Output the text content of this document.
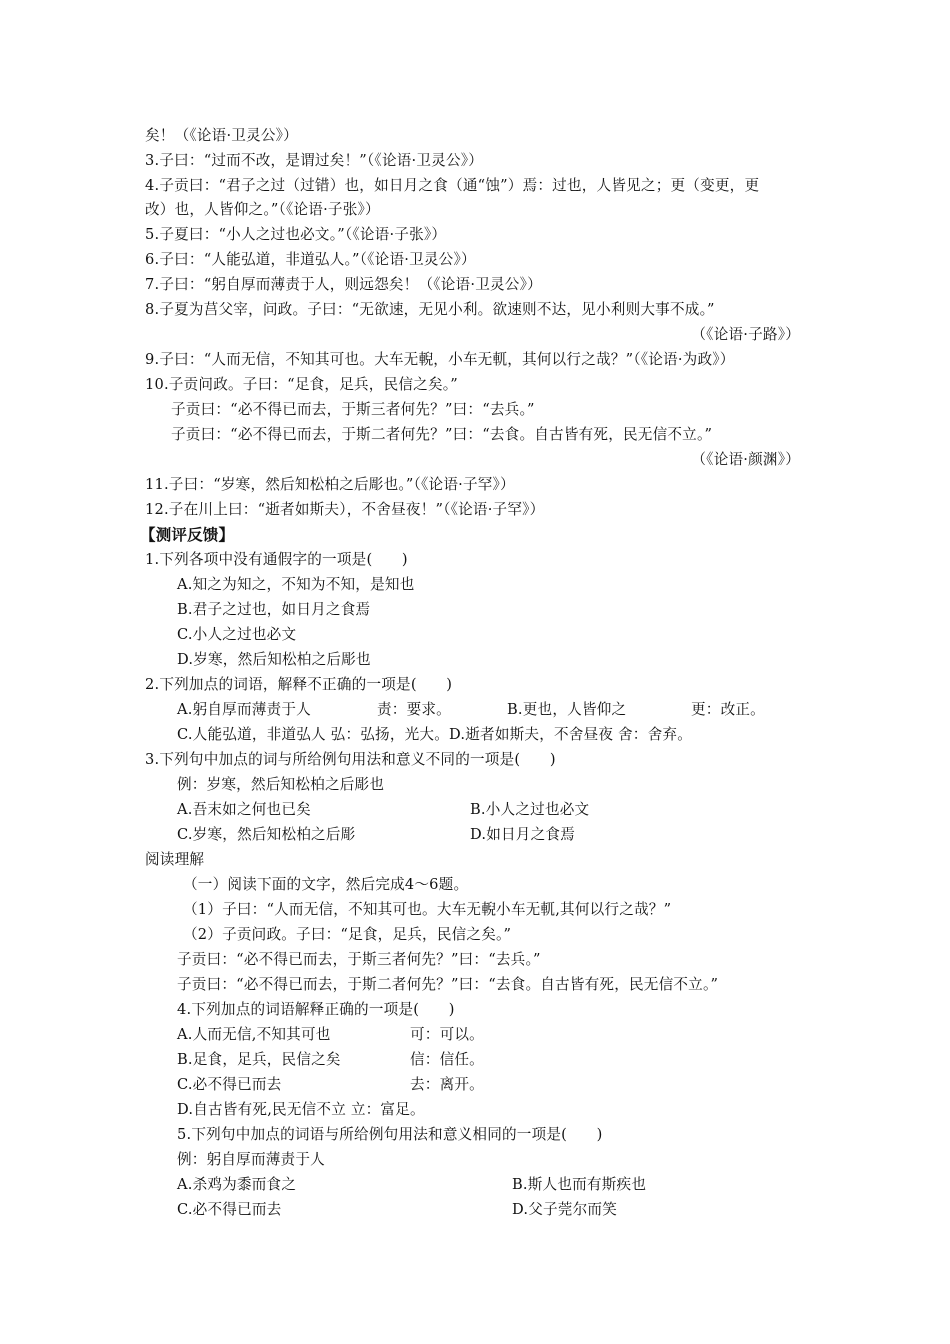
矣！（《论语·卫灵公》）
3.子曰：“过而不改，是谓过矣！”（《论语·卫灵公》）
4.子贡曰：“君子之过（过错）也，如日月之食（通“蚀”）焉：过也，人皆见之；更（变更，更
改）也，人皆仰之。”（《论语·子张》）
5.子夏曰：“小人之过也必文。”（《论语·子张》）
6.子曰：“人能弘道，非道弘人。”（《论语·卫灵公》）
7.子曰：“躬自厚而薄责于人，则远怨矣！（《论语·卫灵公》）
8.子夏为莒父宰，问政。子曰：“无欲速，无见小利。欲速则不达，见小利则大事不成。”
（《论语·子路》）
9.子曰：“人而无信，不知其可也。大车无輗，小车无軏，其何以行之哉？”（《论语·为政》）
10.子贡问政。子曰：“足食，足兵，民信之矣。”
子贡曰：“必不得已而去，于斯三者何先？”曰：“去兵。”
子贡曰：“必不得已而去，于斯二者何先？”曰：“去食。自古皆有死，民无信不立。”
（《论语·颜渊》）
11.子曰：“岁寒，然后知松柏之后彫也。”（《论语·子罕》）
12.子在川上曰：“逝者如斯夫），不舍昼夜！”（《论语·子罕》）
【测评反馈】
1.下列各项中没有通假字的一项是(　　)
A.知之为知之，不知为不知，是知也
B.君子之过也，如日月之食焉
C.小人之过也必文
D.岁寒，然后知松柏之后彫也
2.下列加点的词语，解释不正确的一项是(　　)
A.躬自厚而薄责于人	责：要求。	B.更也，人皆仰之	更：改正。
C.人能弘道，非道弘人 弘：弘扬，光大。D.逝者如斯夫，不舍昼夜 舍：舍弃。
3.下列句中加点的词与所给例句用法和意义不同的一项是(　　)
例：岁寒，然后知松柏之后彫也
A.吾末如之何也已矣	B.小人之过也必文
C.岁寒，然后知松柏之后彫	D.如日月之食焉
阅读理解
（一）阅读下面的文字，然后完成4～6题。
（1）子曰：“人而无信，不知其可也。大车无輗小车无軏,其何以行之哉？”
（2）子贡问政。子曰：“足食，足兵，民信之矣。”
子贡曰：“必不得已而去，于斯三者何先？”曰：“去兵。”
子贡曰：“必不得已而去，于斯二者何先？”曰：“去食。自古皆有死，民无信不立。”
4.下列加点的词语解释正确的一项是(　　)
A.人而无信,不知其可也	可：可以。
B.足食，足兵，民信之矣	信：信任。
C.必不得已而去	去：离开。
D.自古皆有死,民无信不立 立：富足。
5.下列句中加点的词语与所给例句用法和意义相同的一项是(　　)
例：躬自厚而薄责于人
A.杀鸡为黍而食之	B.斯人也而有斯疾也
C.必不得已而去	D.父子莞尔而笑
